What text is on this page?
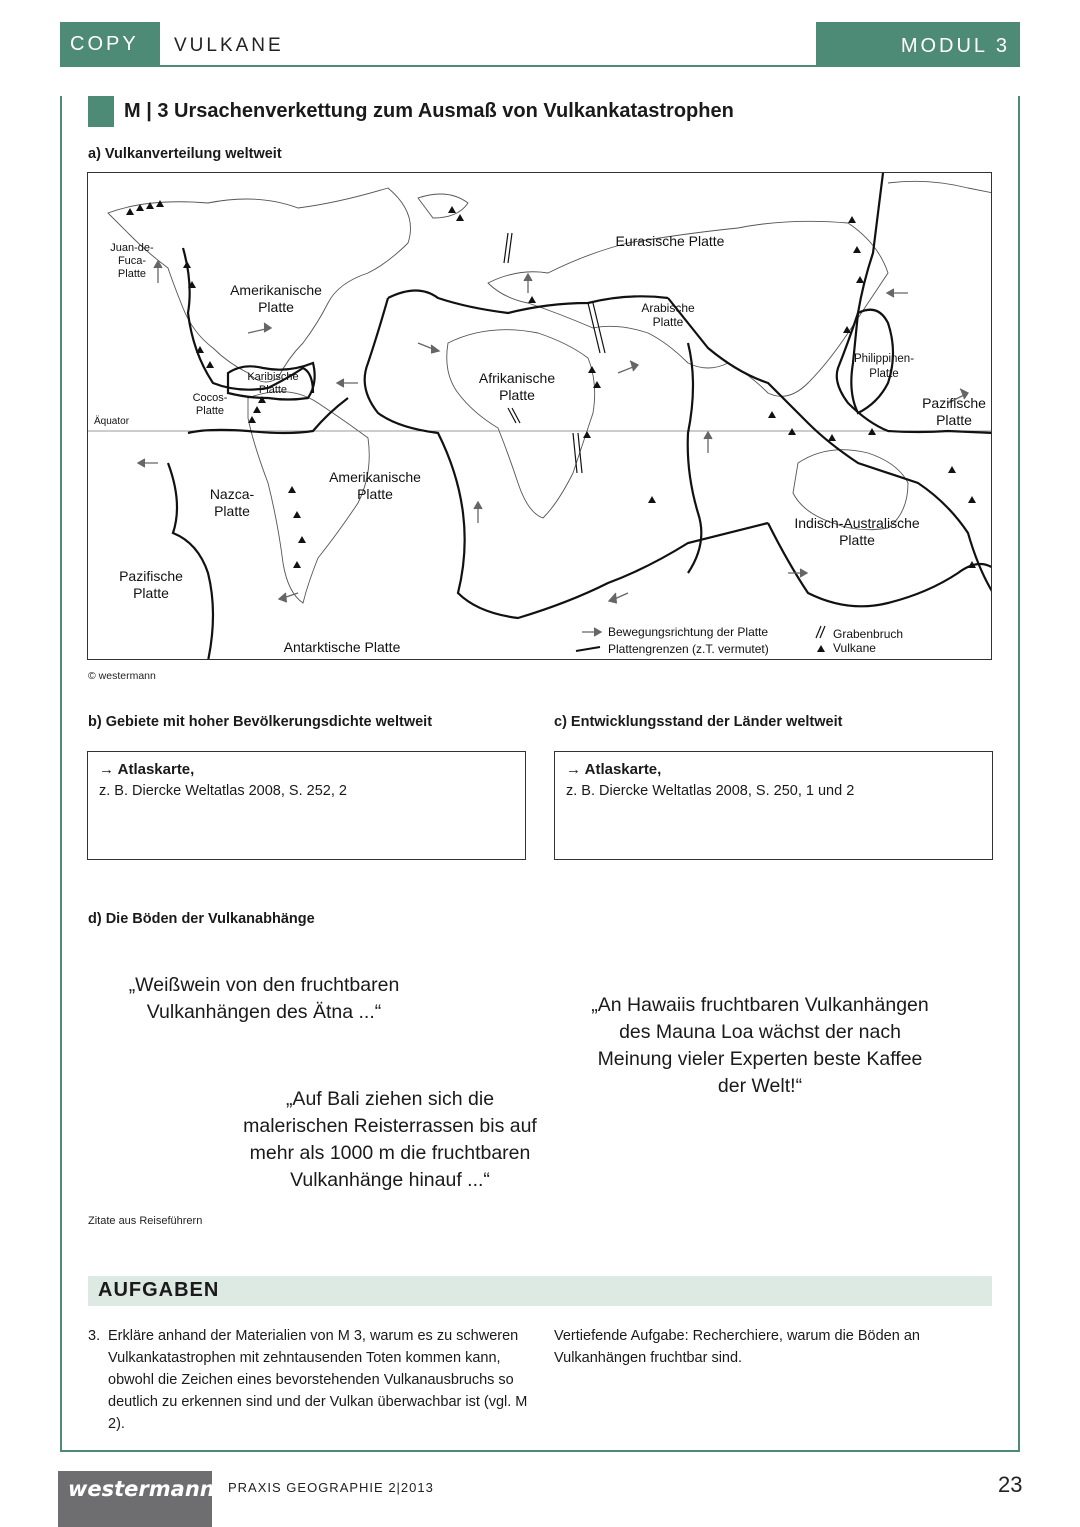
COPY	VULKANE	MODUL 3
M | 3 Ursachenverkettung zum Ausmaß von Vulkankatastrophen
a) Vulkanverteilung weltweit
Juan-de-Fuca-Platte
Amerikanische Platte
Karibische Platte
Cocos-Platte
Äquator
Nazca-Platte
Amerikanische Platte
Pazifische Platte
Antarktische Platte
Afrikanische Platte
Eurasische Platte
Arabische Platte
Philippinen-Platte
Pazifische Platte
Indisch-Australische Platte
Bewegungsrichtung der Platte
Plattengrenzen (z.T. vermutet)
Grabenbruch
Vulkane
© westermann
b) Gebiete mit hoher Bevölkerungsdichte weltweit
→ Atlaskarte,
z. B. Diercke Weltatlas 2008, S. 252, 2
c) Entwicklungsstand der Länder weltweit
→ Atlaskarte,
z. B. Diercke Weltatlas 2008, S. 250, 1 und 2
d) Die Böden der Vulkanabhänge
„Weißwein von den fruchtbaren
Vulkanhängen des Ätna ...“	„An Hawaiis fruchtbaren Vulkanhängen
des Mauna Loa wächst der nach
Meinung vieler Experten beste Kaffee
der Welt!“
„Auf Bali ziehen sich die
malerischen Reisterrassen bis auf
mehr als 1000 m die fruchtbaren
Vulkanhänge hinauf ...“
Zitate aus Reiseführern
AUFGABEN
3. Erkläre anhand der Materialien von M 3, warum es zu schweren Vulkankatastrophen mit zehntausenden Toten kommen kann, obwohl die Zeichen eines bevorstehenden Vulkanausbruchs so deutlich zu erkennen sind und der Vulkan überwachbar ist (vgl. M 2).
Vertiefende Aufgabe: Recherchiere, warum die Böden an Vulkanhängen fruchtbar sind.
westermann PRAXIS GEOGRAPHIE 2|2013	23
